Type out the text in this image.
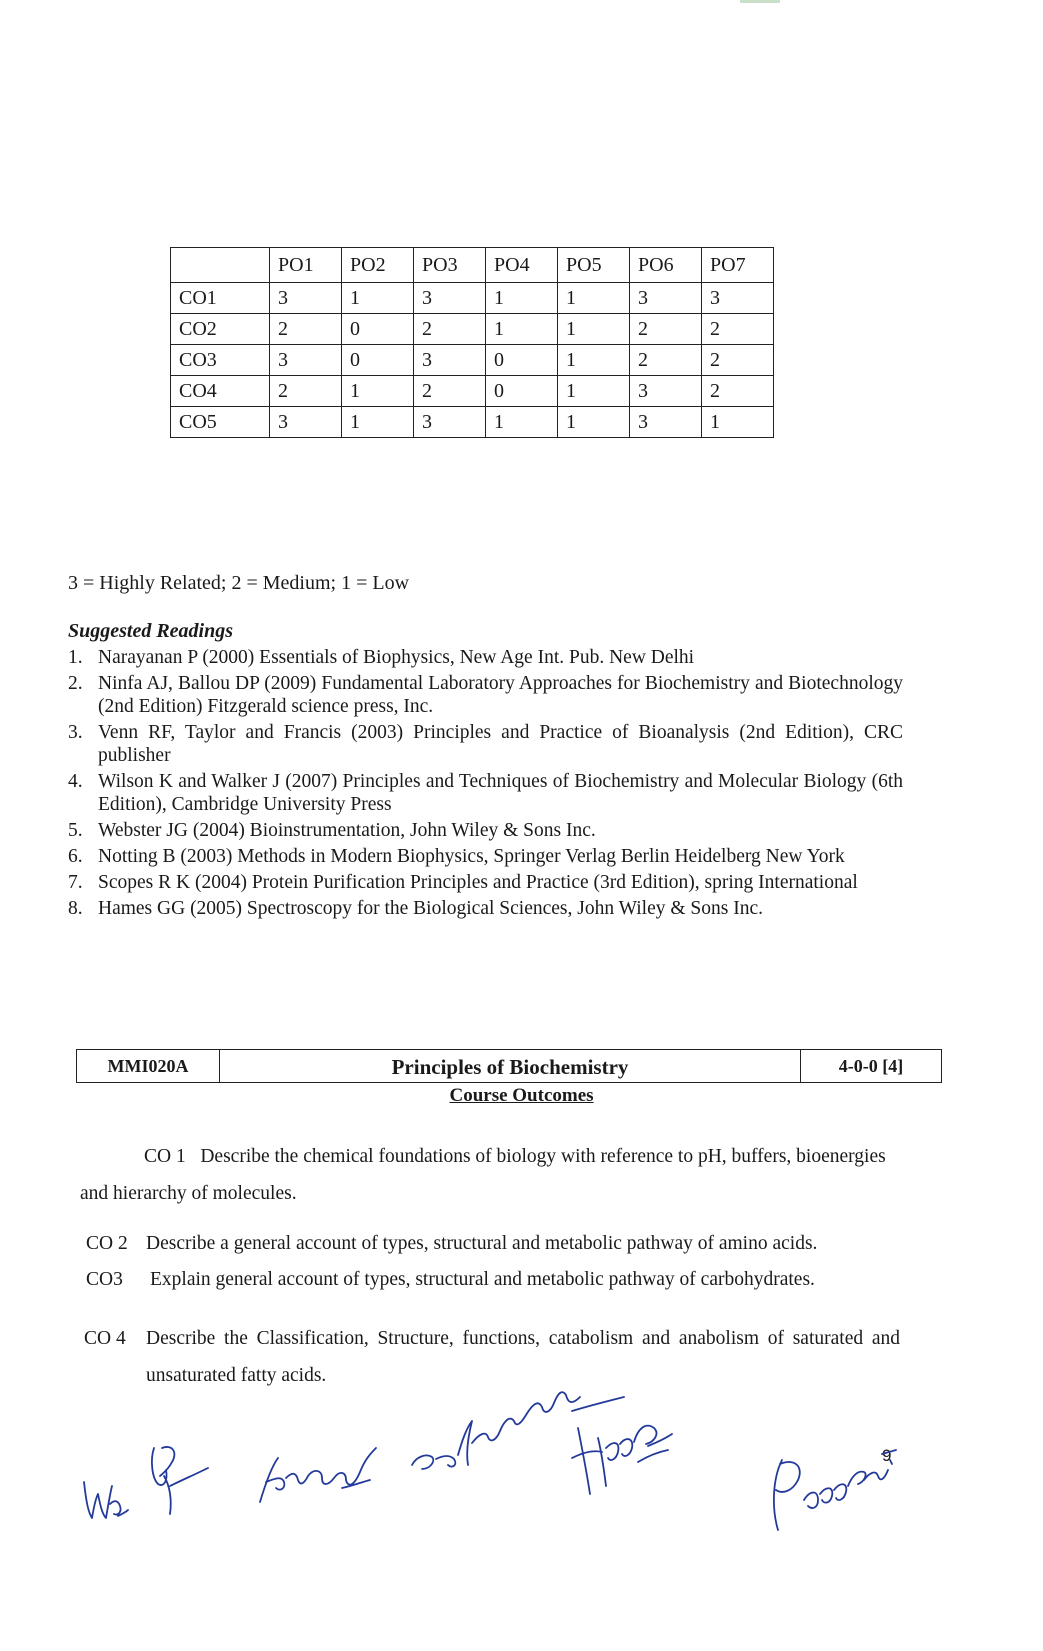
	PO1	PO2	PO3	PO4	PO5	PO6	PO7
CO1	3	1	3	1	1	3	3
CO2	2	0	2	1	1	2	2
CO3	3	0	3	0	1	2	2
CO4	2	1	2	0	1	3	2
CO5	3	1	3	1	1	3	1
3 = Highly Related; 2 = Medium; 1 = Low
Suggested Readings
1. Narayanan P (2000) Essentials of Biophysics, New Age Int. Pub. New Delhi
2. Ninfa AJ, Ballou DP (2009) Fundamental Laboratory Approaches for Biochemistry and Biotechnology (2nd Edition) Fitzgerald science press, Inc.
3. Venn RF, Taylor and Francis (2003) Principles and Practice of Bioanalysis (2nd Edition), CRC publisher
4. Wilson K and Walker J (2007) Principles and Techniques of Biochemistry and Molecular Biology (6th Edition), Cambridge University Press
5. Webster JG (2004) Bioinstrumentation, John Wiley & Sons Inc.
6. Notting B (2003) Methods in Modern Biophysics, Springer Verlag Berlin Heidelberg New York
7. Scopes R K (2004) Protein Purification Principles and Practice (3rd Edition), spring International
8. Hames GG (2005) Spectroscopy for the Biological Sciences, John Wiley & Sons Inc.
MMI020A	Principles of Biochemistry	4-0-0 [4]
Course Outcomes
CO 1 Describe the chemical foundations of biology with reference to pH, buffers, bioenergies and hierarchy of molecules.
CO 2 Describe a general account of types, structural and metabolic pathway of amino acids.
CO3 Explain general account of types, structural and metabolic pathway of carbohydrates.
CO 4 Describe the Classification, Structure, functions, catabolism and anabolism of saturated and unsaturated fatty acids.
9
